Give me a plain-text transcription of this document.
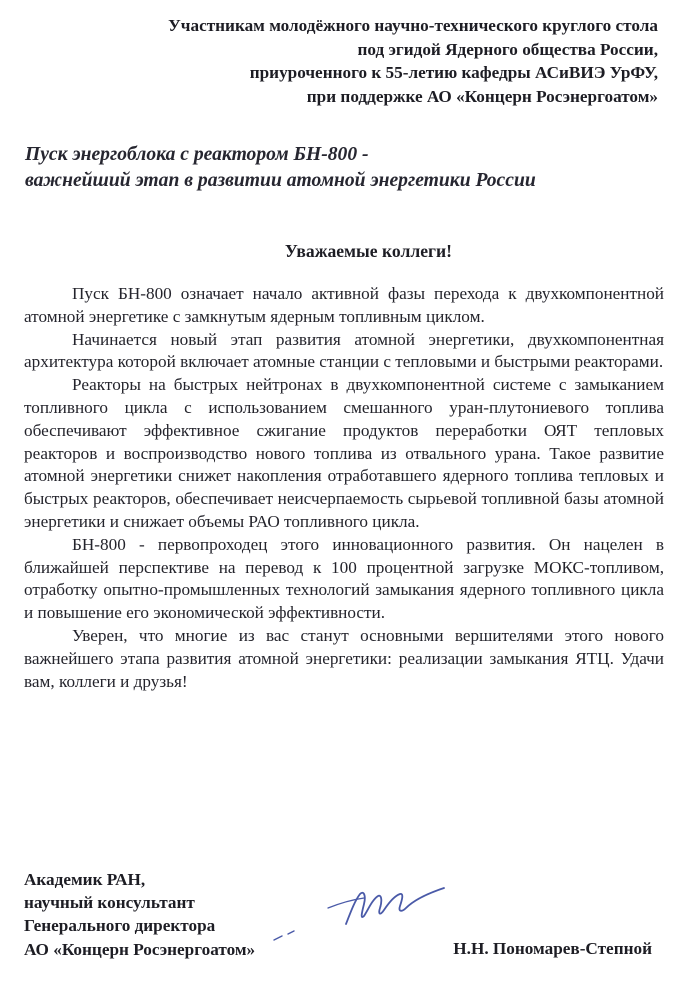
Участникам молодёжного научно-технического круглого стола
под эгидой Ядерного общества России,
приуроченного к 55-летию кафедры АСиВИЭ УрФУ,
при поддержке АО «Концерн Росэнергоатом»
Пуск энергоблока с реактором БН-800 -
важнейший этап в развитии атомной энергетики России
Уважаемые коллеги!

Пуск БН-800 означает начало активной фазы перехода к двухкомпонентной атомной энергетике с замкнутым ядерным топливным циклом.

Начинается новый этап развития атомной энергетики, двухкомпонентная архитектура которой включает атомные станции с тепловыми и быстрыми реакторами.

Реакторы на быстрых нейтронах в двухкомпонентной системе с замыканием топливного цикла с использованием смешанного уран-плутониевого топлива обеспечивают эффективное сжигание продуктов переработки ОЯТ тепловых реакторов и воспроизводство нового топлива из отвального урана. Такое развитие атомной энергетики снижет накопления отработавшего ядерного топлива тепловых и быстрых реакторов, обеспечивает неисчерпаемость сырьевой топливной базы атомной энергетики и снижает объемы РАО топливного цикла.

БН-800 - первопроходец этого инновационного развития. Он нацелен в ближайшей перспективе на перевод к 100 процентной загрузке МОКС-топливом, отработку опытно-промышленных технологий замыкания ядерного топливного цикла и повышение его экономической эффективности.

Уверен, что многие из вас станут основными вершителями этого нового важнейшего этапа развития атомной энергетики: реализации замыкания ЯТЦ. Удачи вам, коллеги и друзья!

Академик РАН,
научный консультант
Генерального директора
АО «Концерн Росэнергоатом»	Н.Н. Пономарев-Степной
